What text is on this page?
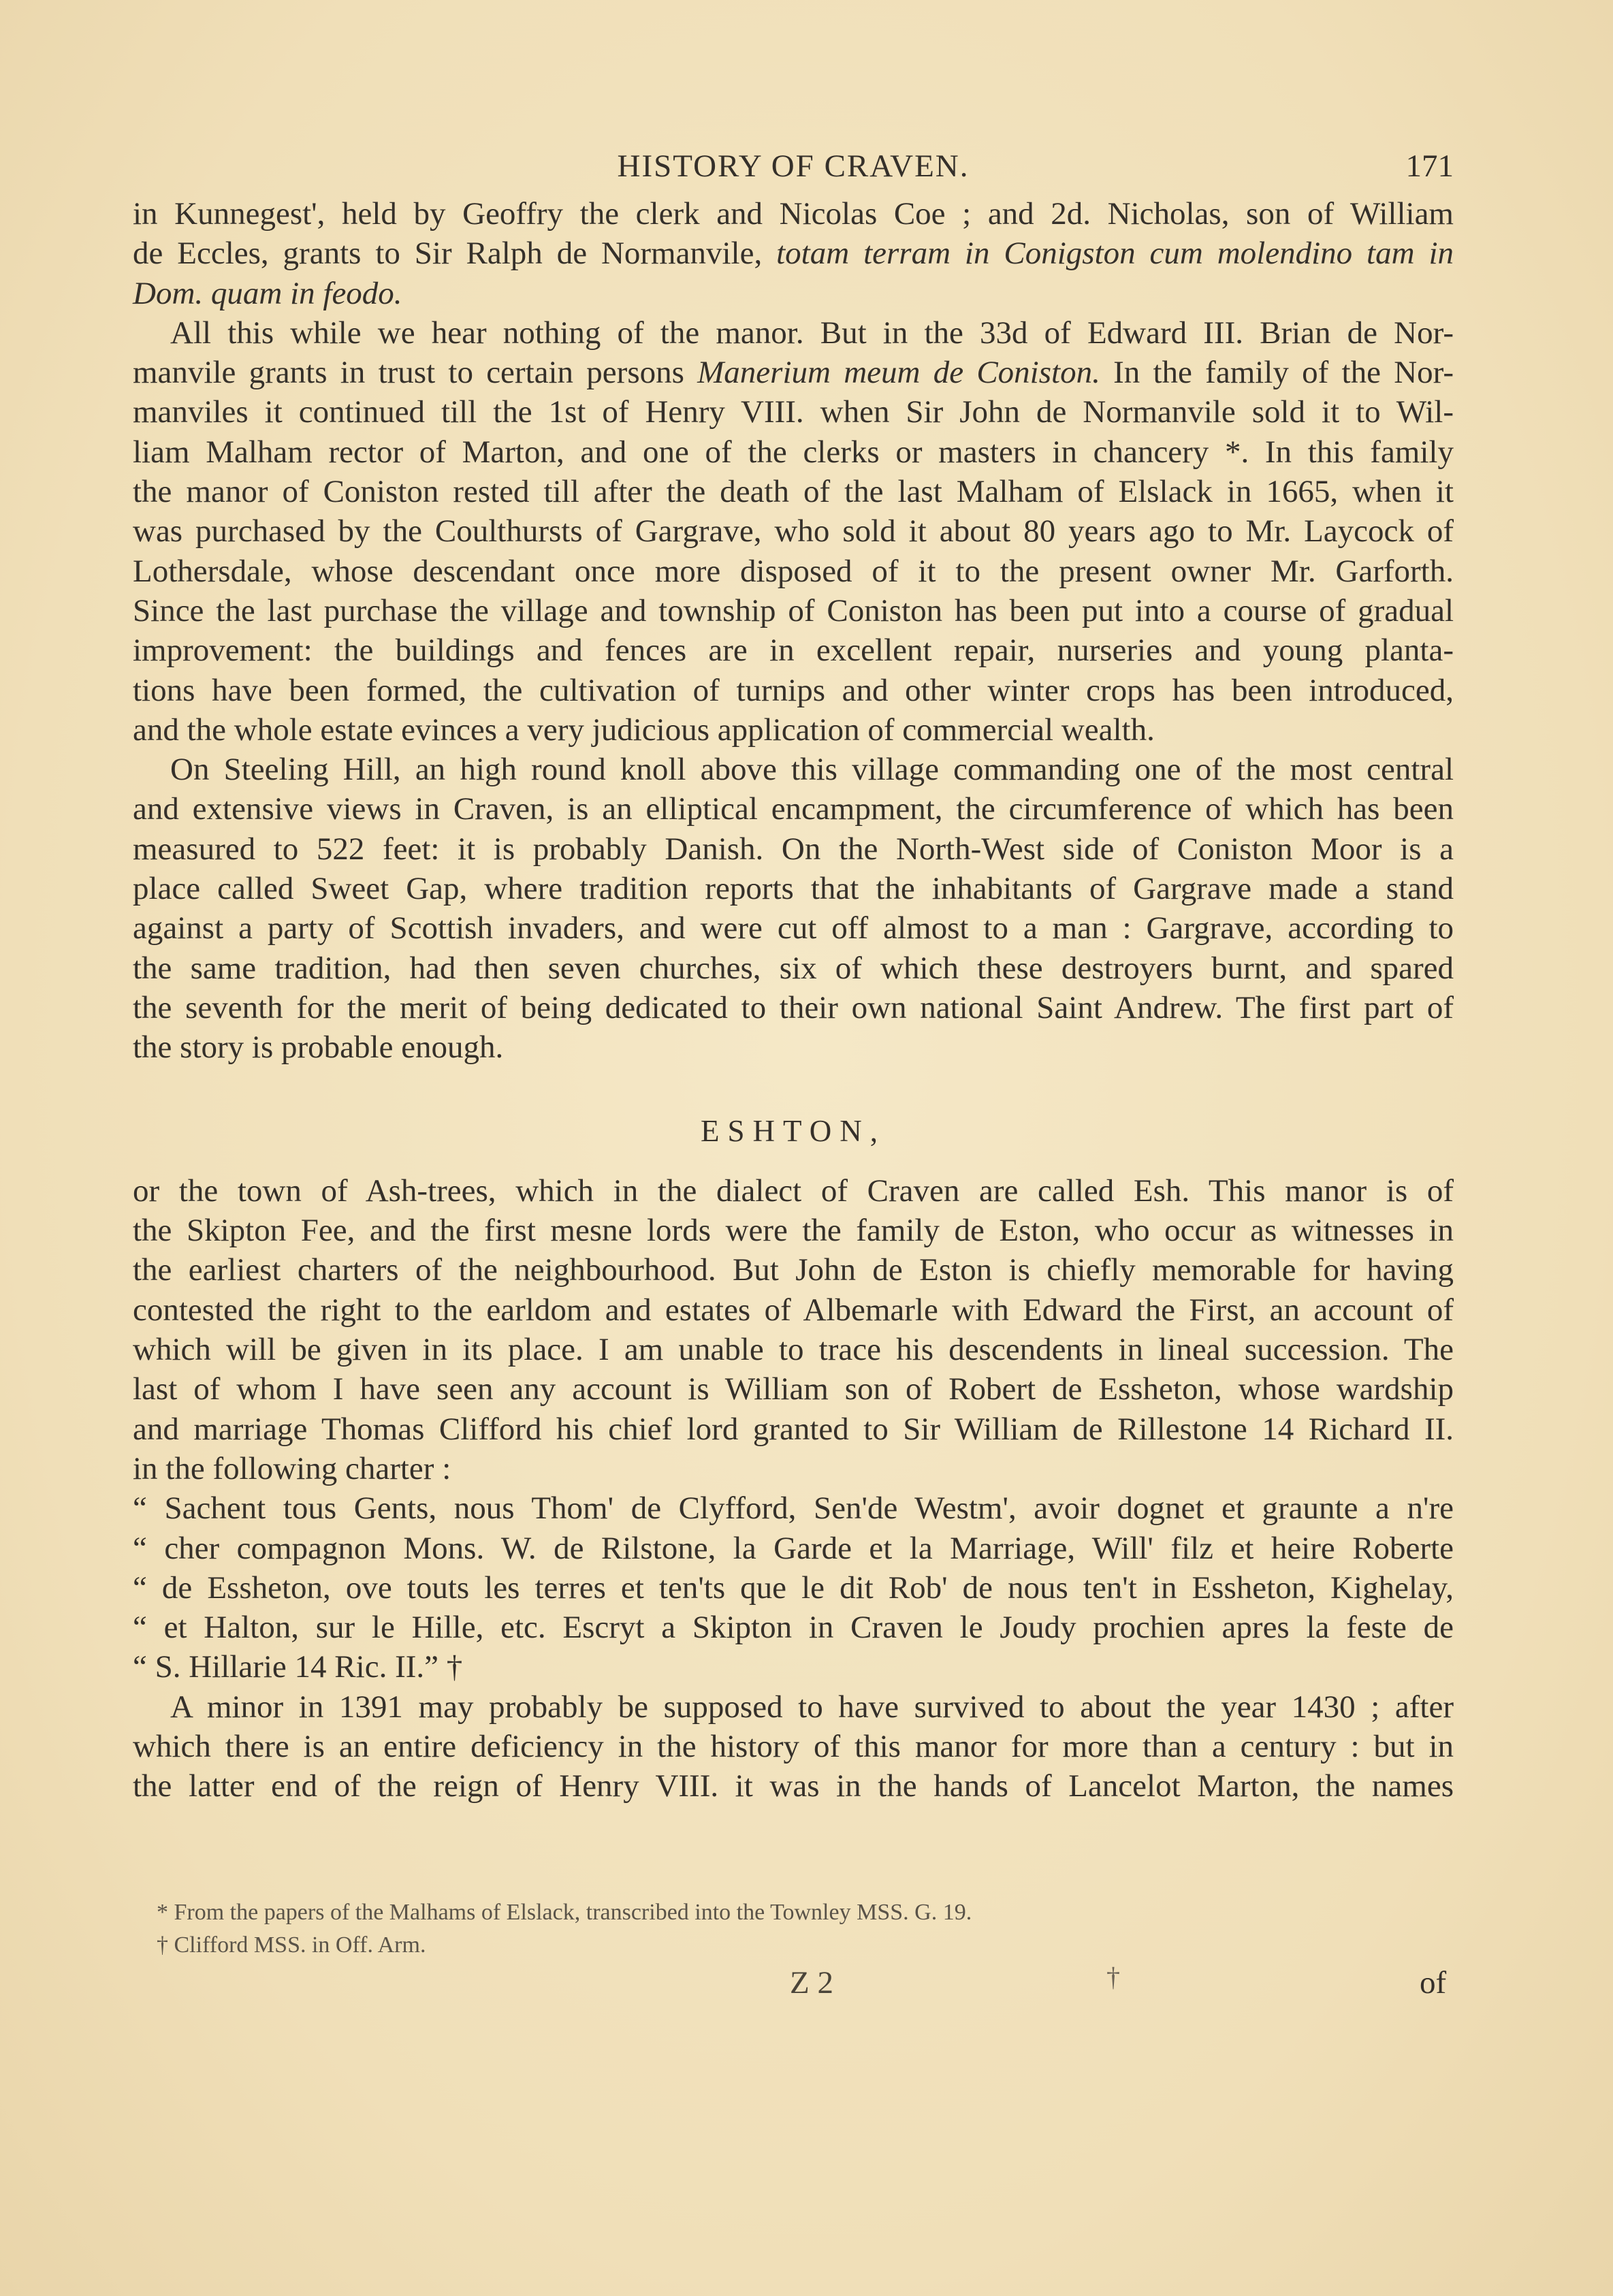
HISTORY OF CRAVEN.	171

in Kunnegest', held by Geoffry the clerk and Nicolas Coe ; and 2d. Nicholas, son of William

de Eccles, grants to Sir Ralph de Normanvile, totam terram in Conigston cum molendino tam in

Dom. quam in feodo.

All this while we hear nothing of the manor. But in the 33d of Edward III. Brian de Nor-

manvile grants in trust to certain persons Manerium meum de Coniston. In the family of the Nor-

manviles it continued till the 1st of Henry VIII. when Sir John de Normanvile sold it to Wil-

liam Malham rector of Marton, and one of the clerks or masters in chancery *. In this family

the manor of Coniston rested till after the death of the last Malham of Elslack in 1665, when it

was purchased by the Coulthursts of Gargrave, who sold it about 80 years ago to Mr. Laycock of

Lothersdale, whose descendant once more disposed of it to the present owner Mr. Garforth.

Since the last purchase the village and township of Coniston has been put into a course of gradual

improvement: the buildings and fences are in excellent repair, nurseries and young planta-

tions have been formed, the cultivation of turnips and other winter crops has been introduced,

and the whole estate evinces a very judicious application of commercial wealth.

On Steeling Hill, an high round knoll above this village commanding one of the most central

and extensive views in Craven, is an elliptical encampment, the circumference of which has been

measured to 522 feet: it is probably Danish. On the North-West side of Coniston Moor is a

place called Sweet Gap, where tradition reports that the inhabitants of Gargrave made a stand

against a party of Scottish invaders, and were cut off almost to a man : Gargrave, according to

the same tradition, had then seven churches, six of which these destroyers burnt, and spared

the seventh for the merit of being dedicated to their own national Saint Andrew. The first part of

the story is probable enough.

ESHTON,

or the town of Ash-trees, which in the dialect of Craven are called Esh. This manor is of

the Skipton Fee, and the first mesne lords were the family de Eston, who occur as witnesses in

the earliest charters of the neighbourhood. But John de Eston is chiefly memorable for having

contested the right to the earldom and estates of Albemarle with Edward the First, an account of

which will be given in its place. I am unable to trace his descendents in lineal succession. The

last of whom I have seen any account is William son of Robert de Essheton, whose wardship

and marriage Thomas Clifford his chief lord granted to Sir William de Rillestone 14 Richard II.

in the following charter :

“ Sachent tous Gents, nous Thom' de Clyfford, Sen'de Westm', avoir dognet et graunte a n're

“ cher compagnon Mons. W. de Rilstone, la Garde et la Marriage, Will' filz et heire Roberte

“ de Essheton, ove touts les terres et ten'ts que le dit Rob' de nous ten't in Essheton, Kighelay,

“ et Halton, sur le Hille, etc. Escryt a Skipton in Craven le Joudy prochien apres la feste de

“ S. Hillarie 14 Ric. II.” †

A minor in 1391 may probably be supposed to have survived to about the year 1430 ; after

which there is an entire deficiency in the history of this manor for more than a century : but in

the latter end of the reign of Henry VIII. it was in the hands of Lancelot Marton, the names

* From the papers of the Malhams of Elslack, transcribed into the Townley MSS. G. 19.

† Clifford MSS. in Off. Arm.

Z 2	†	of
